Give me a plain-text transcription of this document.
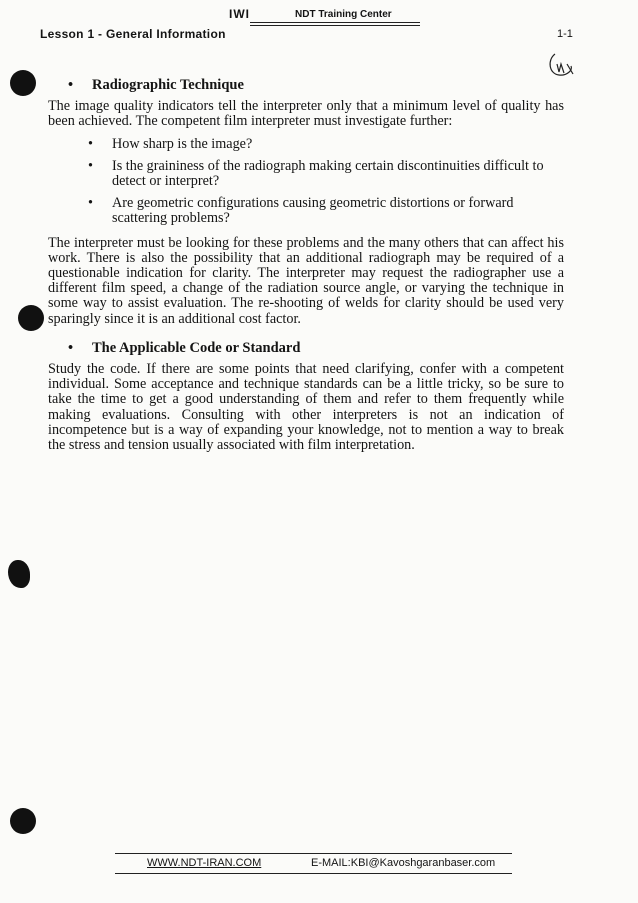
IWI	NDT Training Center
Lesson 1 - General Information	1-1
• Radiographic Technique

The image quality indicators tell the interpreter only that a minimum level of quality has been achieved. The competent film interpreter must investigate further:

•	How sharp is the image?
•	Is the graininess of the radiograph making certain discontinuities difficult to detect or interpret?
•	Are geometric configurations causing geometric distortions or forward scattering problems?

The interpreter must be looking for these problems and the many others that can affect his work. There is also the possibility that an additional radiograph may be required of a questionable indication for clarity. The interpreter may request the radiographer use a different film speed, a change of the radiation source angle, or varying the technique in some way to assist evaluation. The re-shooting of welds for clarity should be used very sparingly since it is an additional cost factor.

• The Applicable Code or Standard

Study the code. If there are some points that need clarifying, confer with a competent individual. Some acceptance and technique standards can be a little tricky, so be sure to take the time to get a good understanding of them and refer to them frequently while making evaluations. Consulting with other interpreters is not an indication of incompetence but is a way of expanding your knowledge, not to mention a way to break the stress and tension usually associated with film interpretation.

WWW.NDT-IRAN.COM	E-MAIL:KBI@Kavoshgaranbaser.com
